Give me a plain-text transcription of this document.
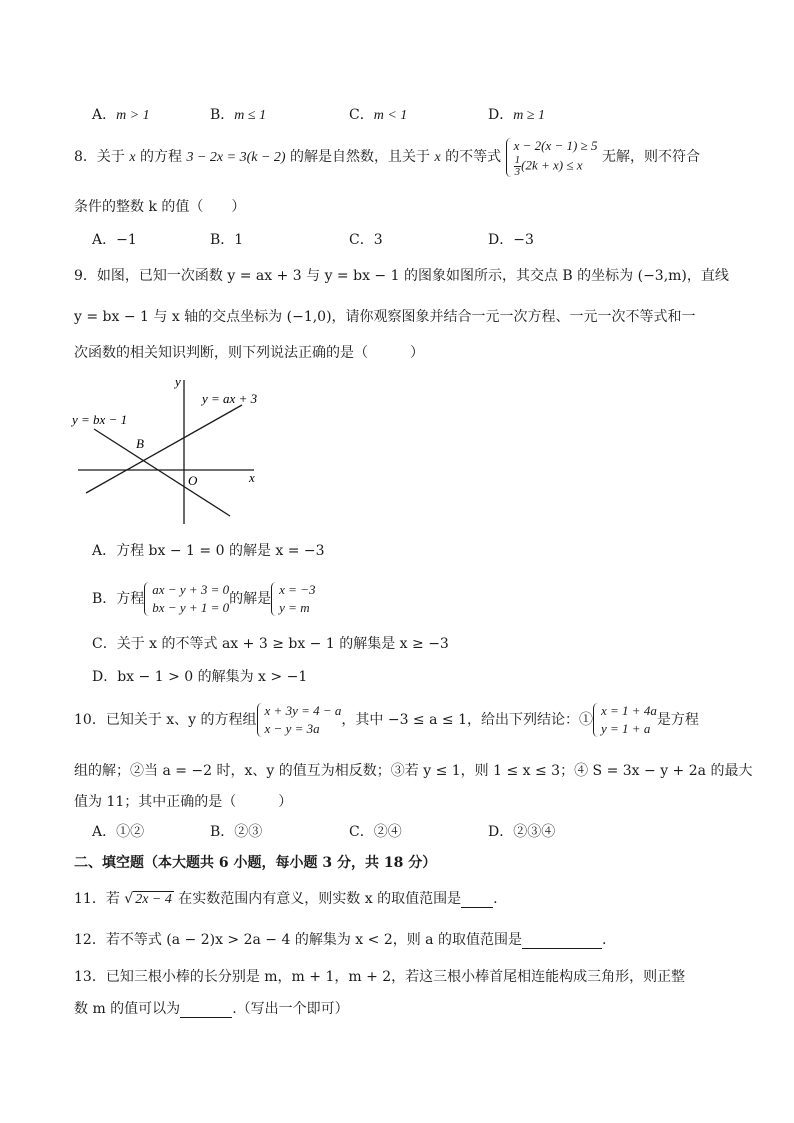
A．m > 1	B．m ≤ 1	C．m < 1	D．m ≥ 1
8．关于 x 的方程 3 − 2x = 3(k − 2) 的解是自然数，且关于 x 的不等式
x − 2(x − 1) ≥ 5
$\frac{1}{3} (2k + x) \le x$	无解，则不符合
条件的整数 k 的值（　　）
A．−1	B．1	C．3	D．−3
9．如图，已知一次函数 y = ax + 3 与 y = bx − 1 的图象如图所示，其交点 B 的坐标为 (−3,m)，直线
y = bx − 1 与 x 轴的交点坐标为 (−1,0)，请你观察图象并结合一元一次方程、一元一次不等式和一
次函数的相关知识判断，则下列说法正确的是（　　　）
y
x
O
B
y = bx − 1
y = ax + 3
A．方程 bx − 1 = 0 的解是 x = −3
B．方程
ax − y + 3 = 0
bx − y + 1 = 0
的解是
x = −3
y = m
C．关于 x 的不等式 ax + 3 ≥ bx − 1 的解集是 x ≥ −3
D．bx − 1 > 0 的解集为 x > −1
10．已知关于 x、y 的方程组
x + 3y = 4 − a
x − y = 3a
，其中 −3 ≤ a ≤ 1，给出下列结论：①
x = 1 + 4a
y = 1 + a
是方程
组的解；②当 a = −2 时，x、y 的值互为相反数；③若 y ≤ 1，则 1 ≤ x ≤ 3；④ S = 3x − y + 2a 的最大
值为 11；其中正确的是（　　　）
A．①②	B．②③	C．②④	D．②③④
二、填空题（本大题共 6 小题，每小题 3 分，共 18 分）
11．若 √ 2x − 4 在实数范围内有意义，则实数 x 的取值范围是 .
12．若不等式 (a − 2)x > 2a − 4 的解集为 x < 2，则 a 的取值范围是	.
13．已知三根小棒的长分别是 m，m + 1，m + 2，若这三根小棒首尾相连能构成三角形，则正整
数 m 的值可以为	.（写出一个即可）
